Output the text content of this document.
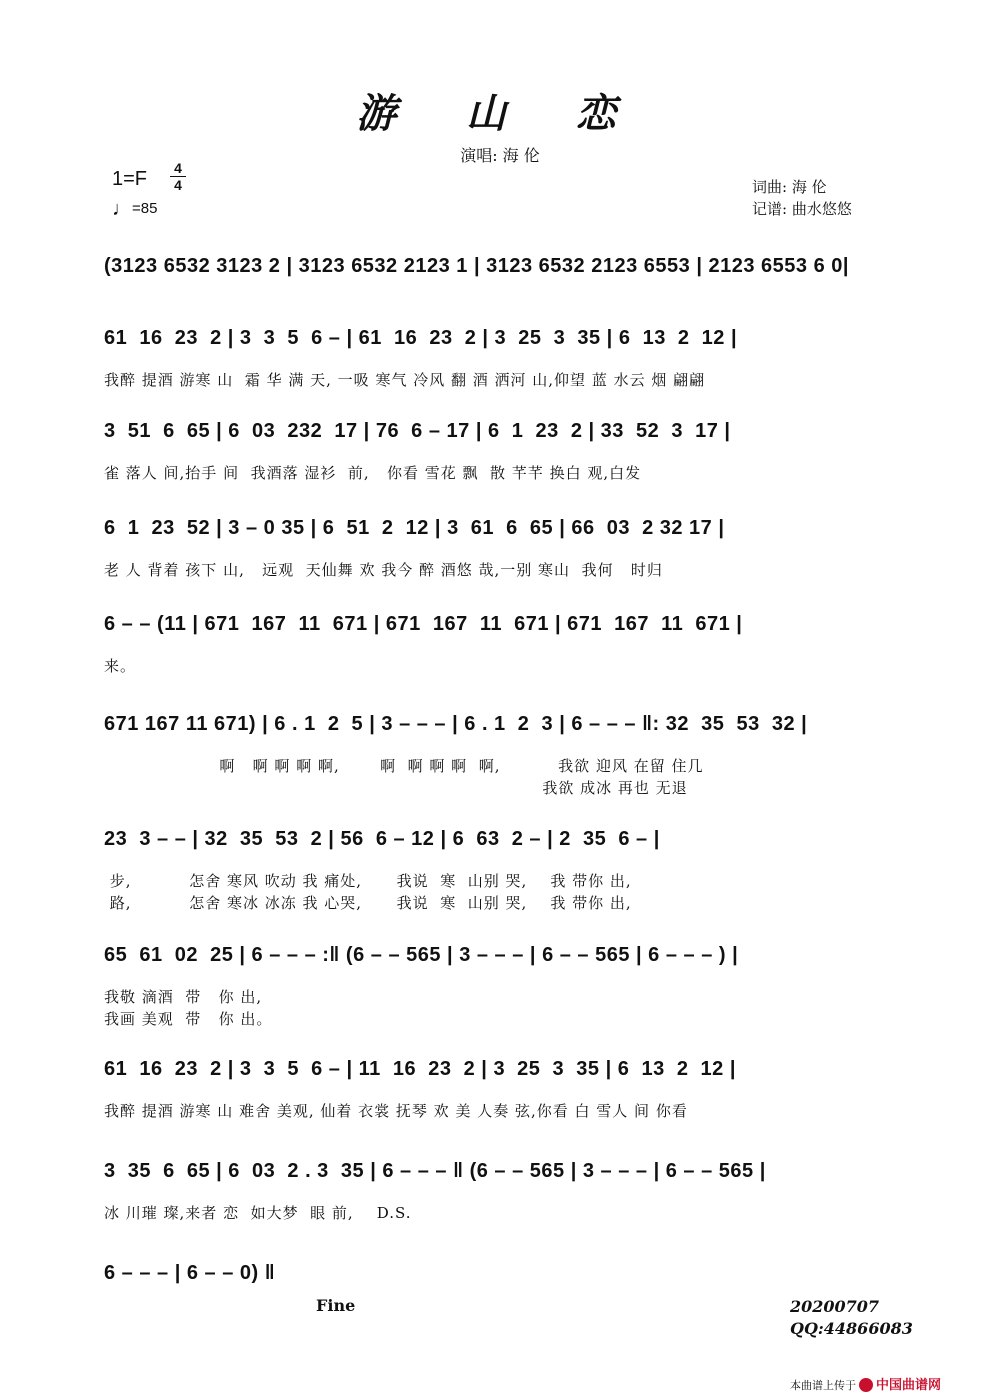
游 山 恋
演唱: 海 伦
1=F 4
4
♩=85
词曲: 海 伦
记谱: 曲水悠悠
(3123 6532 3123 2 | 3123 6532 2123 1 | 3123 6532 2123 6553 | 2123 6553 6 0|
61  16  23  2 | 3  3  5  6 – | 61  16  23  2 | 3  25  3  35 | 6  13  2  12 |
我醉 提酒 游寒 山  霜 华 满 天, 一吸 寒气 冷风 翻 酒 洒河 山,仰望 蓝 水云 烟 翩翩
3  51  6  65 | 6  03  232  17 | 76  6 – 17 | 6  1  23  2 | 33  52  3  17 |
雀 落人 间,抬手 间  我酒落 湿衫  前,   你看 雪花 飘  散 芊芊 换白 观,白发
6  1  23  52 | 3 – 0 35 | 6  51  2  12 | 3  61  6  65 | 66  03  2 32 17 |
老 人 背着 孩下 山,   远观  天仙舞 欢 我今 醉 酒悠 哉,一别 寒山  我何   时归
6 – – (11 | 671  167  11  671 | 671  167  11  671 | 671  167  11  671 |
来。
671 167 11 671) | 6 . 1  2  5 | 3 – – – | 6 . 1  2  3 | 6 – – – ‖: 32  35  53  32 |
啊   啊 啊 啊 啊,       啊  啊 啊 啊  啊,          我欲 迎风 在留 住几
我欲 成冰 再也 无退
23  3 – – | 32  35  53  2 | 56  6 – 12 | 6  63  2 – | 2  35  6 – |
步,          怎舍 寒风 吹动 我 痛处,      我说  寒  山别 哭,    我 带你 出,
路,          怎舍 寒冰 冰冻 我 心哭,      我说  寒  山别 哭,    我 带你 出,
65  61  02  25 | 6 – – – :‖ (6 – – 565 | 3 – – – | 6 – – 565 | 6 – – – ) |
我敬 滴酒  带   你 出,
我画 美观  带   你 出。
61  16  23  2 | 3  3  5  6 – | 11  16  23  2 | 3  25  3  35 | 6  13  2  12 |
我醉 提酒 游寒 山 难舍 美观, 仙着 衣裳 抚琴 欢 美 人奏 弦,你看 白 雪人 间 你看
3  35  6  65 | 6  03  2 . 3  35 | 6 – – – ‖ (6 – – 565 | 3 – – – | 6 – – 565 |
冰 川璀 璨,来者 恋  如大梦  眼 前,    D.S.
6 – – – | 6 – – 0) ‖
Fine	20200707
QQ:44866083
本曲谱上传于 中国曲谱网
